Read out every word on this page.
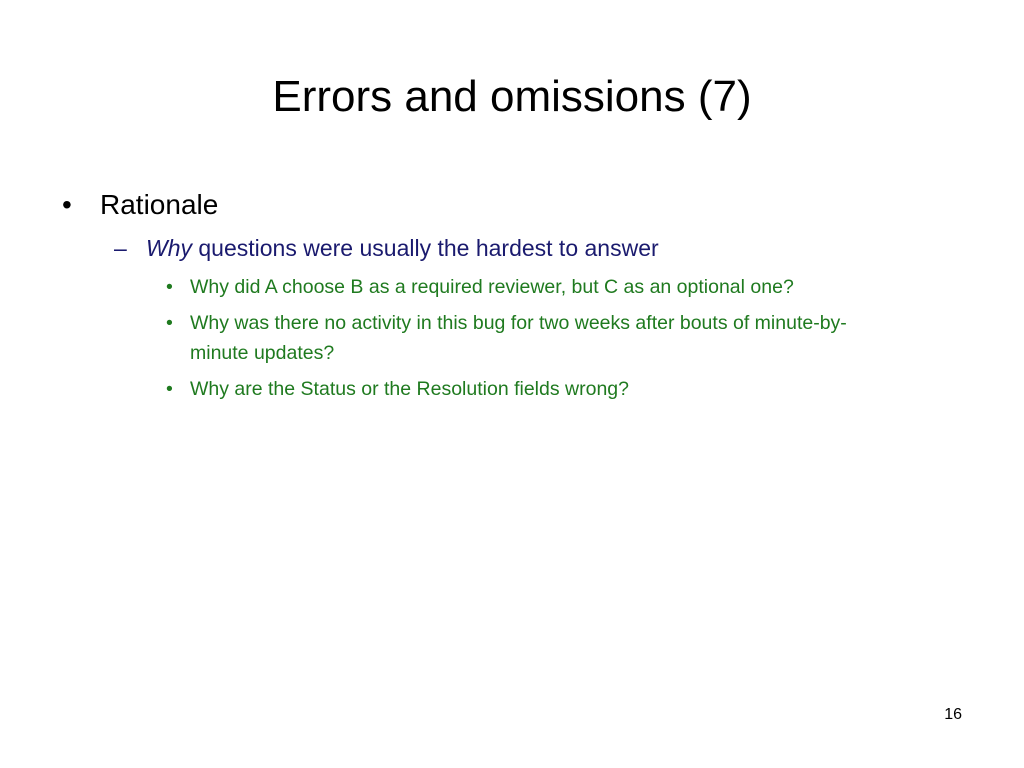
Errors and omissions (7)
• Rationale
– Why questions were usually the hardest to answer
• Why did A choose B as a required reviewer, but C as an optional one?
• Why was there no activity in this bug for two weeks after bouts of minute-by-minute updates?
• Why are the Status or the Resolution fields wrong?
16
